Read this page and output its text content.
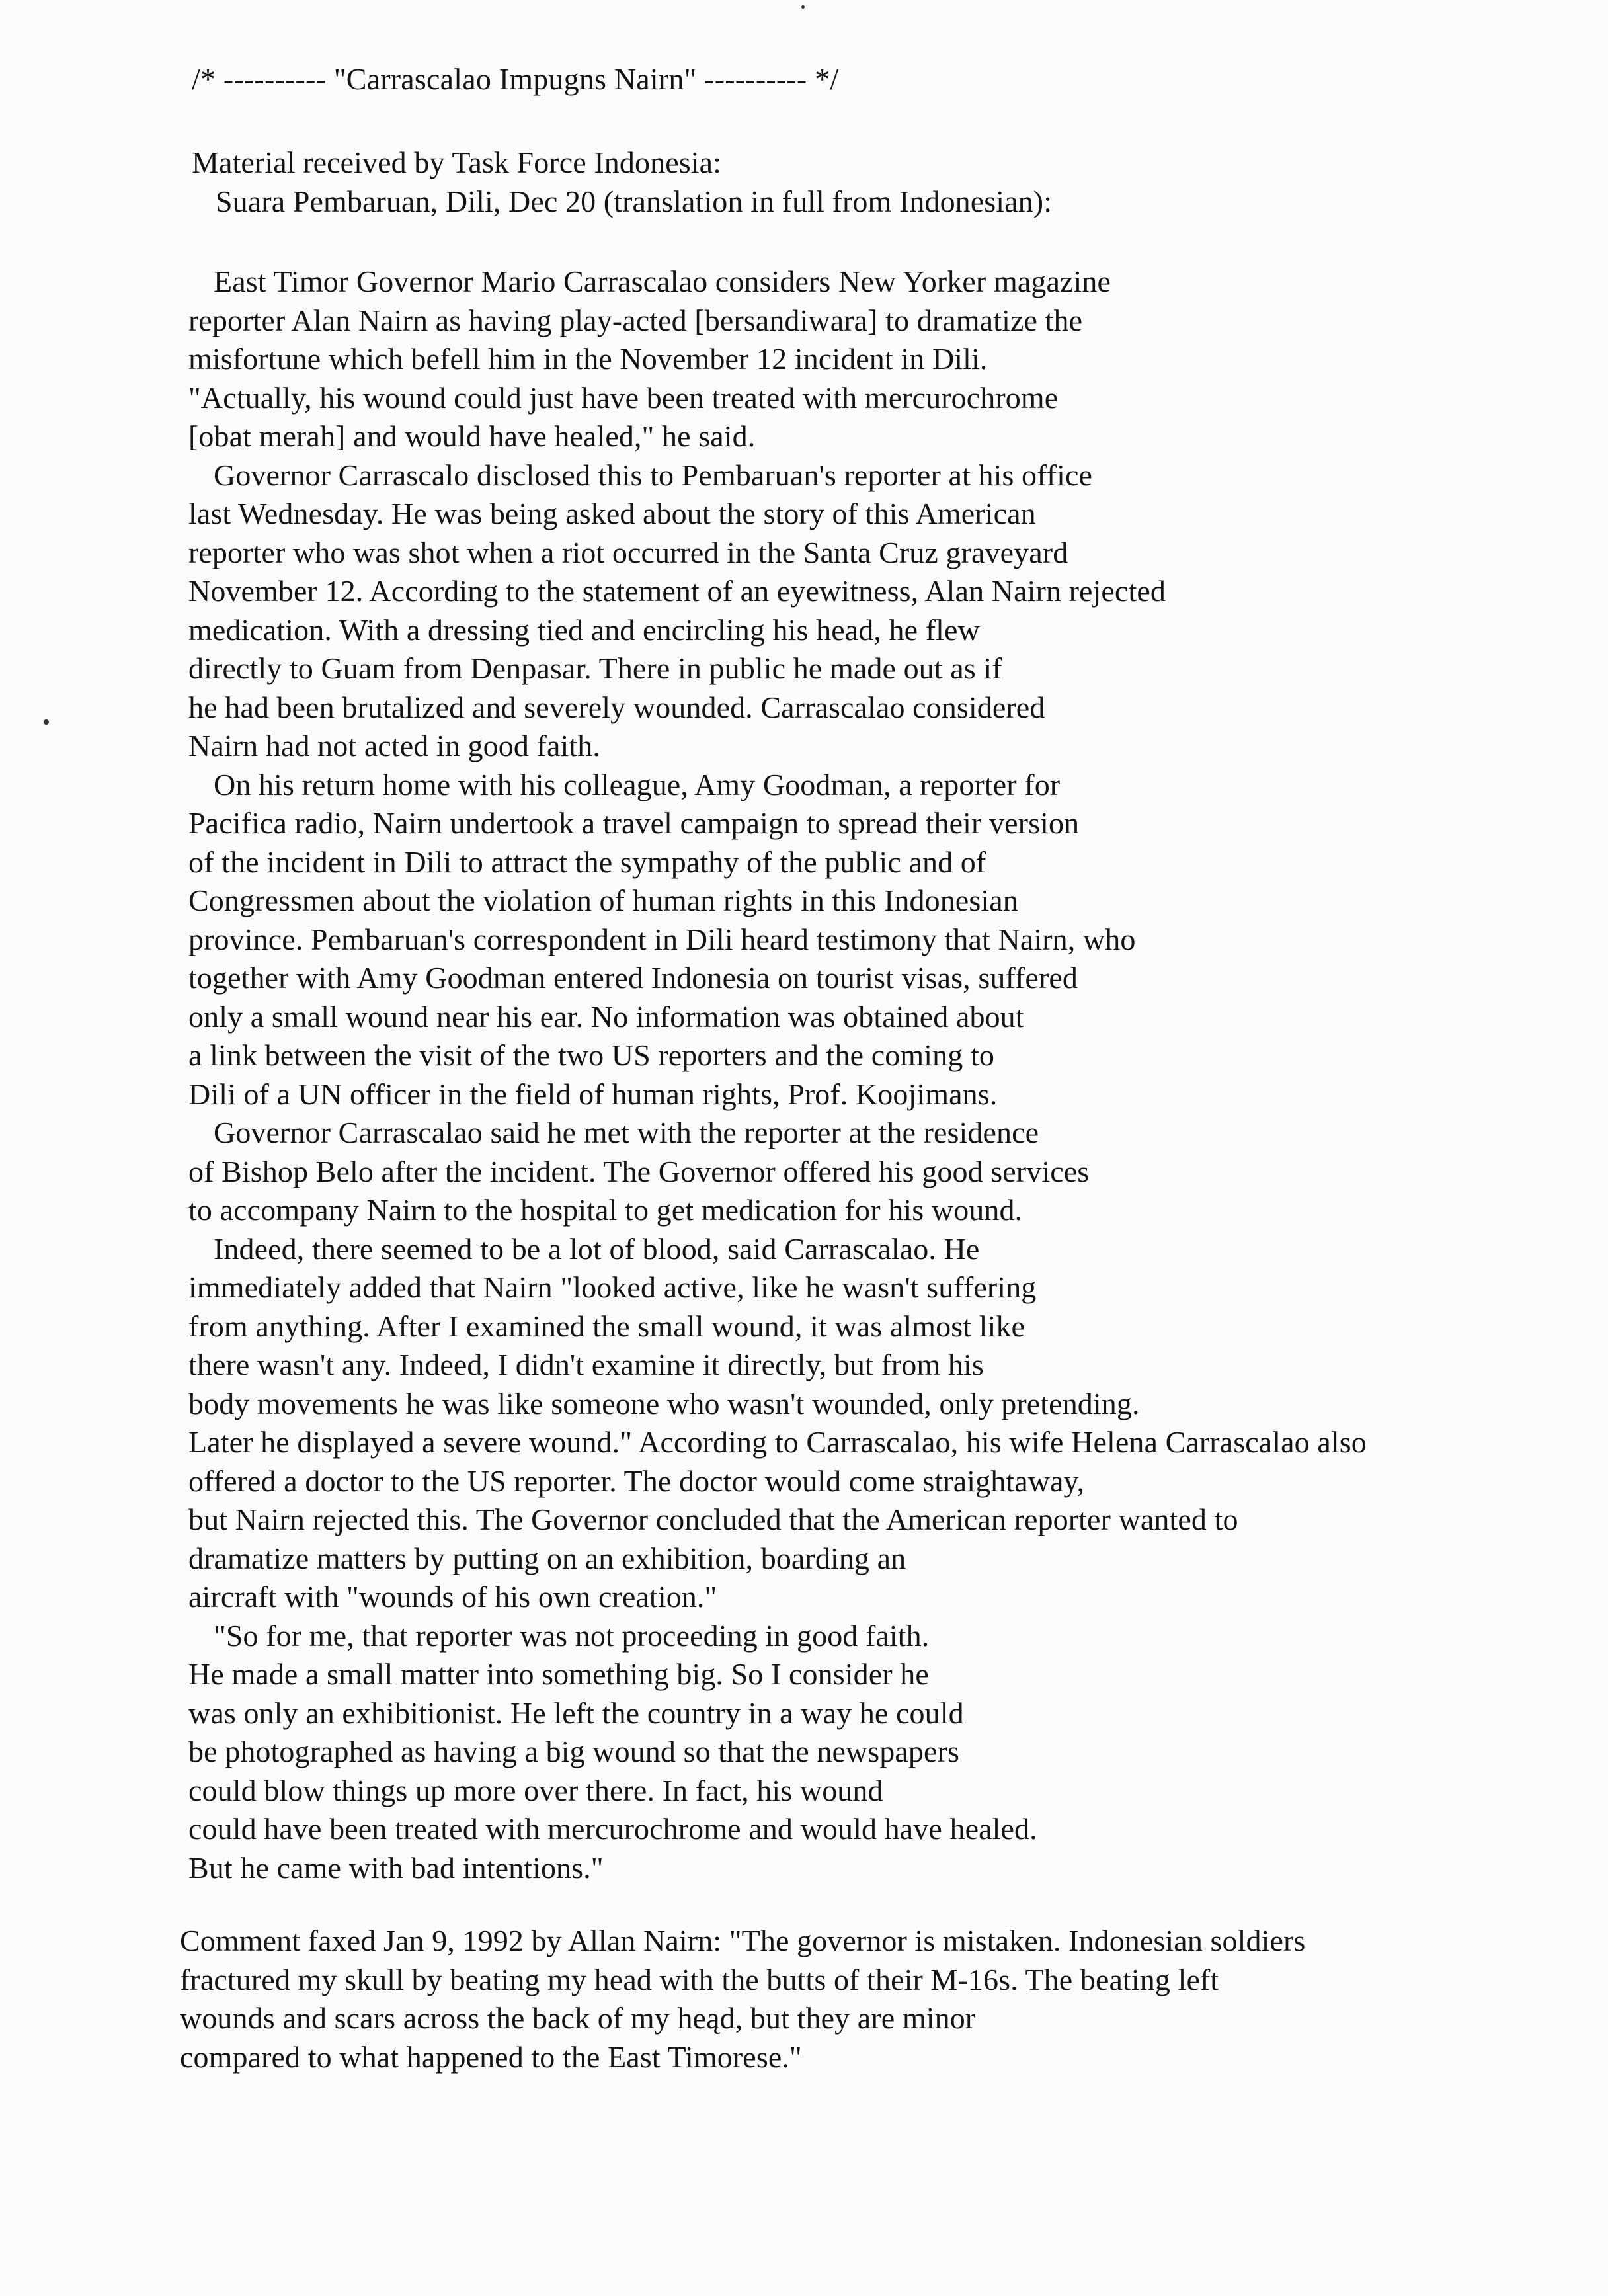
/* ---------- "Carrascalao Impugns Nairn" ---------- */
Material received by Task Force Indonesia:
Suara Pembaruan, Dili, Dec 20 (translation in full from Indonesian):
East Timor Governor Mario Carrascalao considers New Yorker magazine
reporter Alan Nairn as having play-acted [bersandiwara] to dramatize the
misfortune which befell him in the November 12 incident in Dili.
"Actually, his wound could just have been treated with mercurochrome
[obat merah] and would have healed," he said.
Governor Carrascalo disclosed this to Pembaruan's reporter at his office
last Wednesday. He was being asked about the story of this American
reporter who was shot when a riot occurred in the Santa Cruz graveyard
November 12. According to the statement of an eyewitness, Alan Nairn rejected
medication. With a dressing tied and encircling his head, he flew
directly to Guam from Denpasar. There in public he made out as if
he had been brutalized and severely wounded. Carrascalao considered
Nairn had not acted in good faith.
On his return home with his colleague, Amy Goodman, a reporter for
Pacifica radio, Nairn undertook a travel campaign to spread their version
of the incident in Dili to attract the sympathy of the public and of
Congressmen about the violation of human rights in this Indonesian
province. Pembaruan's correspondent in Dili heard testimony that Nairn, who
together with Amy Goodman entered Indonesia on tourist visas, suffered
only a small wound near his ear. No information was obtained about
a link between the visit of the two US reporters and the coming to
Dili of a UN officer in the field of human rights, Prof. Koojimans.
Governor Carrascalao said he met with the reporter at the residence
of Bishop Belo after the incident. The Governor offered his good services
to accompany Nairn to the hospital to get medication for his wound.
Indeed, there seemed to be a lot of blood, said Carrascalao. He
immediately added that Nairn "looked active, like he wasn't suffering
from anything. After I examined the small wound, it was almost like
there wasn't any. Indeed, I didn't examine it directly, but from his
body movements he was like someone who wasn't wounded, only pretending.
Later he displayed a severe wound." According to Carrascalao, his wife Helena Carrascalao also
offered a doctor to the US reporter. The doctor would come straightaway,
but Nairn rejected this. The Governor concluded that the American reporter wanted to
dramatize matters by putting on an exhibition, boarding an
aircraft with "wounds of his own creation."
"So for me, that reporter was not proceeding in good faith.
He made a small matter into something big. So I consider he
was only an exhibitionist. He left the country in a way he could
be photographed as having a big wound so that the newspapers
could blow things up more over there. In fact, his wound
could have been treated with mercurochrome and would have healed.
But he came with bad intentions."
Comment faxed Jan 9, 1992 by Allan Nairn: "The governor is mistaken. Indonesian soldiers
fractured my skull by beating my head with the butts of their M-16s. The beating left
wounds and scars across the back of my heąd, but they are minor
compared to what happened to the East Timorese."
